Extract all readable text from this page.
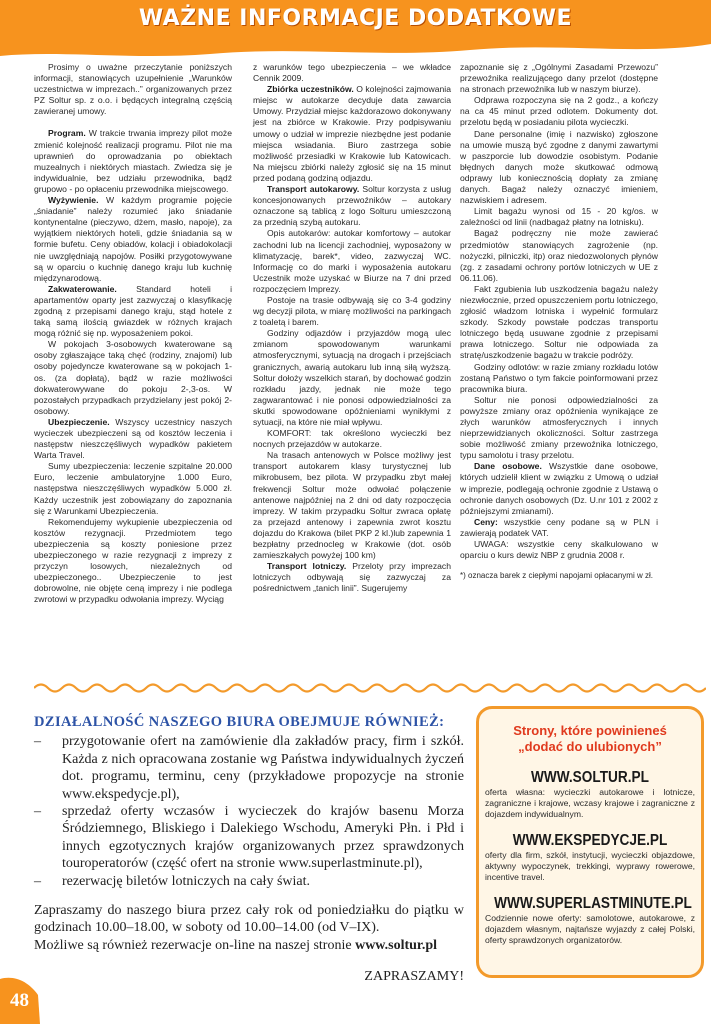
WAŻNE INFORMACJE DODATKOWE

Prosimy o uważne przeczytanie poniższych informacji, stanowiących uzupełnienie „Warunków uczestnictwa w imprezach..” organizowanych przez PZ Soltur sp. z o.o. i będących integralną częścią zawieranej umowy.

Program. W trakcie trwania imprezy pilot może zmienić kolejność realizacji programu. Pilot nie ma uprawnień do oprowadzania po obiektach muzealnych i niektórych miastach. Zwiedza się je indywidualnie, bez udziału przewodnika, bądź grupowo - po opłaceniu przewodnika miejscowego.

Wyżywienie. W każdym programie pojęcie „śniadanie” należy rozumieć jako śniadanie kontynentalne (pieczywo, dżem, masło, napoje), za wyjątkiem niektórych hoteli, gdzie śniadania są w formie bufetu. Ceny obiadów, kolacji i obiadokolacji nie uwzględniają napojów. Posiłki przygotowywane są w oparciu o kuchnię danego kraju lub kuchnię międzynarodową.

Zakwaterowanie. Standard hoteli i apartamentów oparty jest zazwyczaj o klasyfikację zgodną z przepisami danego kraju, stąd hotele z taką samą ilością gwiazdek w różnych krajach mogą różnić się np. wyposażeniem pokoi.

W pokojach 3-osobowych kwaterowane są osoby zgłaszające taką chęć (rodziny, znajomi) lub osoby pojedyncze kwaterowane są w pokojach 1-os. (za dopłatą), bądź w razie możliwości dokwaterowywane do pokoju 2-,3-os. W pozostałych przypadkach przydzielany jest pokój 2-osobowy.

Ubezpieczenie. Wszyscy uczestnicy naszych wycieczek ubezpieczeni są od kosztów leczenia i następstw nieszczęśliwych wypadków pakietem Warta Travel.

Sumy ubezpieczenia: leczenie szpitalne 20.000 Euro, leczenie ambulatoryjne 1.000 Euro, następstwa nieszczęśliwych wypadków 5.000 zł. Każdy uczestnik jest zobowiązany do zapoznania się z Warunkami Ubezpieczenia.

Rekomendujemy wykupienie ubezpieczenia od kosztów rezygnacji. Przedmiotem tego ubezpieczenia są koszty poniesione przez ubezpieczonego w razie rezygnacji z imprezy z przyczyn losowych, niezależnych od ubezpieczonego.. Ubezpieczenie to jest dobrowolne, nie objęte ceną imprezy i nie podlega zwrotowi w przypadku odwołania imprezy. Wyciąg

z warunków tego ubezpieczenia – we wkładce Cennik 2009.

Zbiórka uczestników. O kolejności zajmowania miejsc w autokarze decyduje data zawarcia Umowy. Przydział miejsc każdorazowo dokonywany jest na zbiórce w Krakowie. Przy podpisywaniu umowy o udział w imprezie niezbędne jest podanie miejsca wsiadania. Biuro zastrzega sobie możliwość przesiadki w Krakowie lub Katowicach. Na miejscu zbiórki należy zgłosić się na 15 minut przed podaną godziną odjazdu.

Transport autokarowy. Soltur korzysta z usług koncesjonowanych przewoźników – autokary oznaczone są tablicą z logo Solturu umieszczoną za przednią szybą autokaru.

Opis autokarów: autokar komfortowy – autokar zachodni lub na licencji zachodniej, wyposażony w klimatyzację, barek*, video, zazwyczaj WC. Informację co do marki i wyposażenia autokaru Uczestnik może uzyskać w Biurze na 7 dni przed rozpoczęciem Imprezy.

Postoje na trasie odbywają się co 3-4 godziny wg decyzji pilota, w miarę możliwości na parkingach z toaletą i barem.

Godziny odjazdów i przyjazdów mogą ulec zmianom spowodowanym warunkami atmosferycznymi, sytuacją na drogach i przejściach granicznych, awarią autokaru lub inną siłą wyższą. Soltur dołoży wszelkich starań, by dochować godzin rozkładu jazdy, jednak nie może tego zagwarantować i nie ponosi odpowiedzialności za skutki spowodowane opóźnieniami wynikłymi z sytuacji, na które nie miał wpływu.

KOMFORT: tak określono wycieczki bez nocnych przejazdów w autokarze.

Na trasach antenowych w Polsce możliwy jest transport autokarem klasy turystycznej lub mikrobusem, bez pilota. W przypadku zbyt małej frekwencji Soltur może odwołać połączenie antenowe najpóźniej na 2 dni od daty rozpoczęcia imprezy. W takim przypadku Soltur zwraca opłatę za przejazd antenowy i zapewnia zwrot kosztu dojazdu do Krakowa (bilet PKP 2 kl.)lub zapewnia 1 bezpłatny przednocleg w Krakowie (dot. osób zamieszkałych powyżej 100 km)

Transport lotniczy. Przeloty przy imprezach lotniczych odbywają się zazwyczaj za pośrednictwem „tanich linii”. Sugerujemy

zapoznanie się z „Ogólnymi Zasadami Przewozu” przewoźnika realizującego dany przelot (dostępne na stronach przewoźnika lub w naszym biurze).

Odprawa rozpoczyna się na 2 godz., a kończy na ca 45 minut przed odlotem. Dokumenty dot. przelotu będą w posiadaniu pilota wycieczki.

Dane personalne (imię i nazwisko) zgłoszone na umowie muszą być zgodne z danymi zawartymi w paszporcie lub dowodzie osobistym. Podanie błędnych danych może skutkować odmową odprawy lub koniecznością dopłaty za zmianę danych. Bagaż należy oznaczyć imieniem, nazwiskiem i adresem.

Limit bagażu wynosi od 15 - 20 kg/os. w zależności od linii (nadbagaż płatny na lotnisku).

Bagaż podręczny nie może zawierać przedmiotów stanowiących zagrożenie (np. nożyczki, pilniczki, itp) oraz niedozwolonych płynów (zg. z zasadami ochrony portów lotniczych w UE z 06.11.06).

Fakt zgubienia lub uszkodzenia bagażu należy niezwłocznie, przed opuszczeniem portu lotniczego, zgłosić władzom lotniska i wypełnić formularz szkody. Szkody powstałe podczas transportu lotniczego będą usuwane zgodnie z przepisami prawa lotniczego. Soltur nie odpowiada za stratę/uszkodzenie bagażu w trakcie podróży.

Godziny odlotów: w razie zmiany rozkładu lotów zostaną Państwo o tym fakcie poinformowani przez pracownika biura.

Soltur nie ponosi odpowiedzialności za powyższe zmiany oraz opóźnienia wynikające ze złych warunków atmosferycznych i innych nieprzewidzianych okoliczności. Soltur zastrzega sobie możliwość zmiany przewoźnika lotniczego, typu samolotu i trasy przelotu.

Dane osobowe. Wszystkie dane osobowe, których udzielił klient w związku z Umową o udział w imprezie, podlegają ochronie zgodnie z Ustawą o ochronie danych osobowych (Dz. U.nr 101 z 2002 z późniejszymi zmianami).

Ceny: wszystkie ceny podane są w PLN i zawierają podatek VAT.

UWAGA: wszystkie ceny skalkulowano w oparciu o kurs dewiz NBP z grudnia 2008 r.

*) oznacza barek z ciepłymi napojami opłacanymi w zł.

DZIAŁALNOŚĆ NASZEGO BIURA OBEJMUJE RÓWNIEŻ:
– przygotowanie ofert na zamówienie dla zakładów pracy, firm i szkół. Każda z nich opracowana zostanie wg Państwa indywidualnych życzeń dot. programu, terminu, ceny (przykładowe propozycje na stronie www.ekspedycje.pl),
– sprzedaż oferty wczasów i wycieczek do krajów basenu Morza Śródziemnego, Bliskiego i Dalekiego Wschodu, Ameryki Płn. i Płd i innych egzotycznych krajów organizowanych przez sprawdzonych touroperatorów (część ofert na stronie www.superlastminute.pl),
– rezerwację biletów lotniczych na cały świat.

Zapraszamy do naszego biura przez cały rok od poniedziałku do piątku w godzinach 10.00–18.00, w soboty od 10.00–14.00 (od V–IX).

Możliwe są również rezerwacje on-line na naszej stronie www.soltur.pl

ZAPRASZAMY!
Strony, które powinieneś
„dodać do ulubionych”
WWW.SOLTUR.PL
oferta własna: wycieczki autokarowe i lotnicze, zagraniczne i krajowe, wczasy krajowe i zagraniczne z dojazdem indywidualnym.
WWW.EKSPEDYCJE.PL
oferty dla firm, szkół, instytucji, wycieczki objazdowe, aktywny wypoczynek, trekkingi, wyprawy rowerowe, incentive travel.
WWW.SUPERLASTMINUTE.PL
Codziennie nowe oferty: samolotowe, autokarowe, z dojazdem własnym, najtańsze wyjazdy z całej Polski, oferty sprawdzonych organizatorów.
48
